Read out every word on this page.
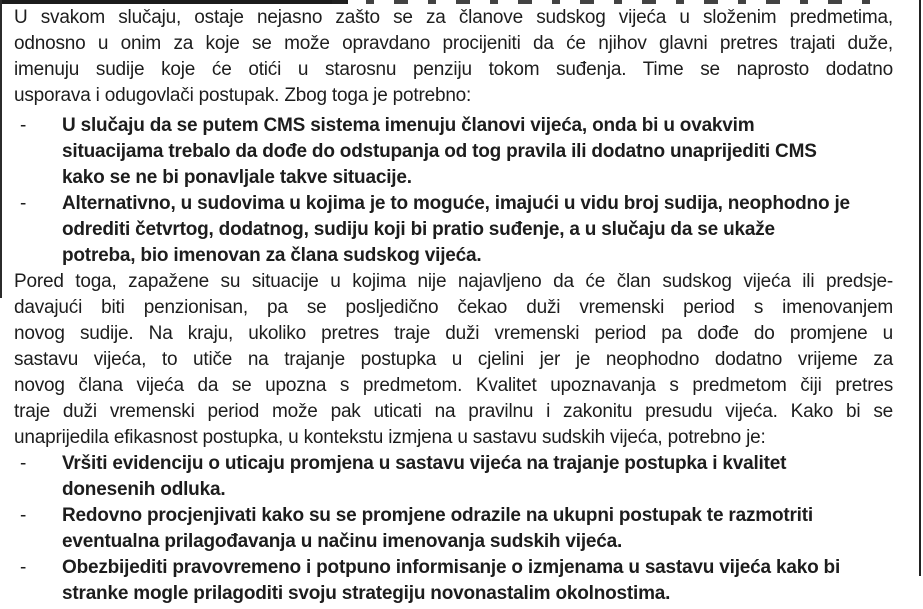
U svakom slučaju, ostaje nejasno zašto se za članove sudskog vijeća u složenim predmetima,
odnosno u onim za koje se može opravdano procijeniti da će njihov glavni pretres trajati duže,
imenuju sudije koje će otići u starosnu penziju tokom suđenja. Time se naprosto dodatno
usporava i odugovlači postupak. Zbog toga je potrebno:
-	U slučaju da se putem CMS sistema imenuju članovi vijeća, onda bi u ovakvim
situacijama trebalo da dođe do odstupanja od tog pravila ili dodatno unaprijediti CMS
kako se ne bi ponavljale takve situacije.
-	Alternativno, u sudovima u kojima je to moguće, imajući u vidu broj sudija, neophodno je
odrediti četvrtog, dodatnog, sudiju koji bi pratio suđenje, a u slučaju da se ukaže
potreba, bio imenovan za člana sudskog vijeća.
Pored toga, zapažene su situacije u kojima nije najavljeno da će član sudskog vijeća ili predsje-
davajući biti penzionisan, pa se posljedično čekao duži vremenski period s imenovanjem
novog sudije. Na kraju, ukoliko pretres traje duži vremenski period pa dođe do promjene u
sastavu vijeća, to utiče na trajanje postupka u cjelini jer je neophodno dodatno vrijeme za
novog člana vijeća da se upozna s predmetom. Kvalitet upoznavanja s predmetom čiji pretres
traje duži vremenski period može pak uticati na pravilnu i zakonitu presudu vijeća. Kako bi se
unaprijedila efikasnost postupka, u kontekstu izmjena u sastavu sudskih vijeća, potrebno je:
-	Vršiti evidenciju o uticaju promjena u sastavu vijeća na trajanje postupka i kvalitet
donesenih odluka.
-	Redovno procjenjivati kako su se promjene odrazile na ukupni postupak te razmotriti
eventualna prilagođavanja u načinu imenovanja sudskih vijeća.
-	Obezbijediti pravovremeno i potpuno informisanje o izmjenama u sastavu vijeća kako bi
stranke mogle prilagoditi svoju strategiju novonastalim okolnostima.
